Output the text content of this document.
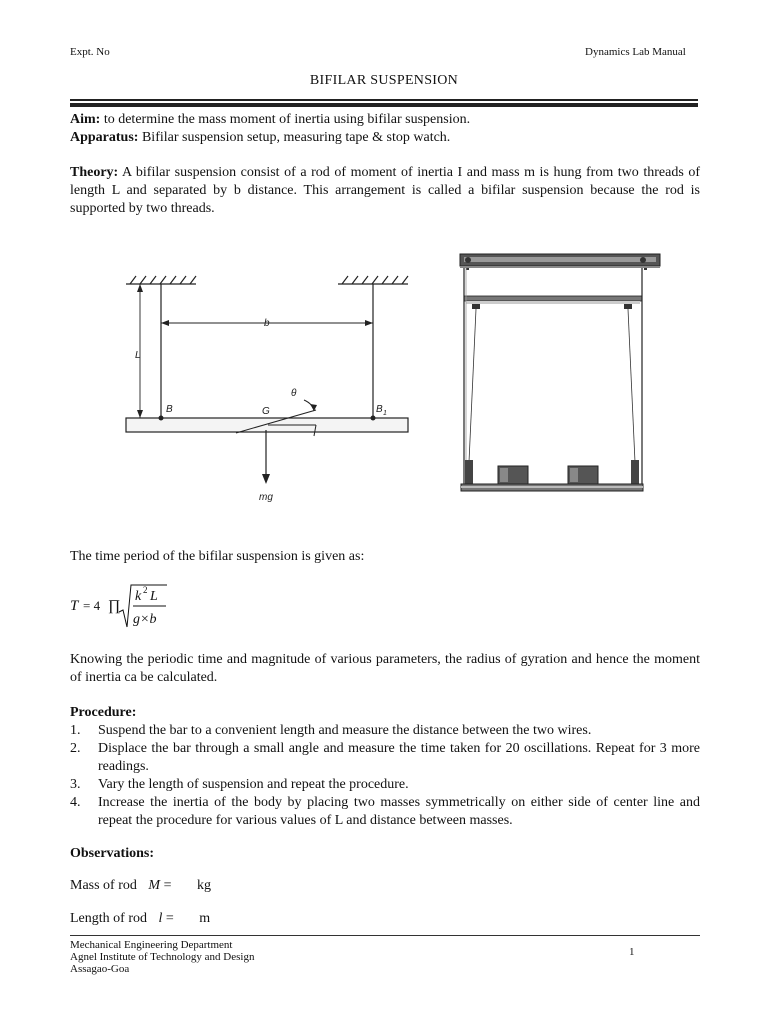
Expt. No	Dynamics Lab Manual
BIFILAR SUSPENSION
Aim: to determine the mass moment of inertia using bifilar suspension.
Apparatus: Bifilar suspension setup, measuring tape & stop watch.
Theory: A bifilar suspension consist of a rod of moment of inertia I and mass m is hung from two threads of length L and separated by b distance. This arrangement is called a bifilar suspension because the rod is supported by two threads.
b
L
B	G	B 1
θ
mg
The time period of the bifilar suspension is given as:
T = 4 ∏
k 2 L
g×b
Knowing the periodic time and magnitude of various parameters, the radius of gyration and hence the moment of inertia ca be calculated.
Procedure:
1. Suspend the bar to a convenient length and measure the distance between the two wires.
2. Displace the bar through a small angle and measure the time taken for 20 oscillations. Repeat for 3 more readings.
3. Vary the length of suspension and repeat the procedure.
4. Increase the inertia of the body by placing two masses symmetrically on either side of center line and repeat the procedure for various values of L and distance between masses.
Observations:
Mass of rod M = kg
Length of rod l = m
Mechanical Engineering Department
Agnel Institute of Technology and Design
Assagao-Goa
1
